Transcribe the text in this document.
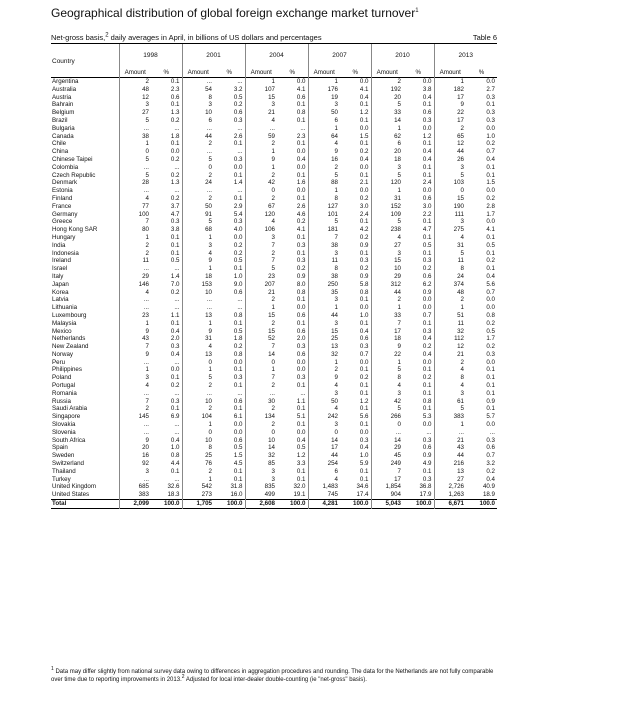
Geographical distribution of global foreign exchange market turnover$^1$
Net-gross basis,$^2$ daily averages in April, in billions of US dollars and percentages	Table 6
Country	1998		2001		2004		2007		2010		2013	
	Amount	%	Amount	%	Amount	%	Amount	%	Amount	%	Amount	%
Argentina	2	0.1	...	...	1	0.0	1	0.0	2	0.0	1	0.0
Australia	48	2.3	54	3.2	107	4.1	176	4.1	192	3.8	182	2.7
Austria	12	0.6	8	0.5	15	0.6	19	0.4	20	0.4	17	0.3
Bahrain	3	0.1	3	0.2	3	0.1	3	0.1	5	0.1	9	0.1
Belgium	27	1.3	10	0.6	21	0.8	50	1.2	33	0.6	22	0.3
Brazil	5	0.2	6	0.3	4	0.1	6	0.1	14	0.3	17	0.3
Bulgaria	...	...	...	...	...	...	1	0.0	1	0.0	2	0.0
Canada	38	1.8	44	2.6	59	2.3	64	1.5	62	1.2	65	1.0
Chile	1	0.1	2	0.1	2	0.1	4	0.1	6	0.1	12	0.2
China	0	0.0	...	...	1	0.0	9	0.2	20	0.4	44	0.7
Chinese Taipei	5	0.2	5	0.3	9	0.4	16	0.4	18	0.4	26	0.4
Colombia	...	...	0	0.0	1	0.0	2	0.0	3	0.1	3	0.1
Czech Republic	5	0.2	2	0.1	2	0.1	5	0.1	5	0.1	5	0.1
Denmark	28	1.3	24	1.4	42	1.6	88	2.1	120	2.4	103	1.5
Estonia	...	...	...	...	0	0.0	1	0.0	1	0.0	0	0.0
Finland	4	0.2	2	0.1	2	0.1	8	0.2	31	0.6	15	0.2
France	77	3.7	50	2.9	67	2.6	127	3.0	152	3.0	190	2.8
Germany	100	4.7	91	5.4	120	4.6	101	2.4	109	2.2	111	1.7
Greece	7	0.3	5	0.3	4	0.2	5	0.1	5	0.1	3	0.0
Hong Kong SAR	80	3.8	68	4.0	106	4.1	181	4.2	238	4.7	275	4.1
Hungary	1	0.1	1	0.0	3	0.1	7	0.2	4	0.1	4	0.1
India	2	0.1	3	0.2	7	0.3	38	0.9	27	0.5	31	0.5
Indonesia	2	0.1	4	0.2	2	0.1	3	0.1	3	0.1	5	0.1
Ireland	11	0.5	9	0.5	7	0.3	11	0.3	15	0.3	11	0.2
Israel	...	...	1	0.1	5	0.2	8	0.2	10	0.2	8	0.1
Italy	29	1.4	18	1.0	23	0.9	38	0.9	29	0.6	24	0.4
Japan	146	7.0	153	9.0	207	8.0	250	5.8	312	6.2	374	5.6
Korea	4	0.2	10	0.6	21	0.8	35	0.8	44	0.9	48	0.7
Latvia	...	...	...	...	2	0.1	3	0.1	2	0.0	2	0.0
Lithuania	...	...	...	...	1	0.0	1	0.0	1	0.0	1	0.0
Luxembourg	23	1.1	13	0.8	15	0.6	44	1.0	33	0.7	51	0.8
Malaysia	1	0.1	1	0.1	2	0.1	3	0.1	7	0.1	11	0.2
Mexico	9	0.4	9	0.5	15	0.6	15	0.4	17	0.3	32	0.5
Netherlands	43	2.0	31	1.8	52	2.0	25	0.6	18	0.4	112	1.7
New Zealand	7	0.3	4	0.2	7	0.3	13	0.3	9	0.2	12	0.2
Norway	9	0.4	13	0.8	14	0.6	32	0.7	22	0.4	21	0.3
Peru	...	...	0	0.0	0	0.0	1	0.0	1	0.0	2	0.0
Philippines	1	0.0	1	0.1	1	0.0	2	0.1	5	0.1	4	0.1
Poland	3	0.1	5	0.3	7	0.3	9	0.2	8	0.2	8	0.1
Portugal	4	0.2	2	0.1	2	0.1	4	0.1	4	0.1	4	0.1
Romania	...	...	...	...	...	...	3	0.1	3	0.1	3	0.1
Russia	7	0.3	10	0.6	30	1.1	50	1.2	42	0.8	61	0.9
Saudi Arabia	2	0.1	2	0.1	2	0.1	4	0.1	5	0.1	5	0.1
Singapore	145	6.9	104	6.1	134	5.1	242	5.6	266	5.3	383	5.7
Slovakia	...	...	1	0.0	2	0.1	3	0.1	0	0.0	1	0.0
Slovenia	...	...	0	0.0	0	0.0	0	0.0	...	...	...	...
South Africa	9	0.4	10	0.6	10	0.4	14	0.3	14	0.3	21	0.3
Spain	20	1.0	8	0.5	14	0.5	17	0.4	29	0.6	43	0.6
Sweden	16	0.8	25	1.5	32	1.2	44	1.0	45	0.9	44	0.7
Switzerland	92	4.4	76	4.5	85	3.3	254	5.9	249	4.9	216	3.2
Thailand	3	0.1	2	0.1	3	0.1	6	0.1	7	0.1	13	0.2
Turkey	...	...	1	0.1	3	0.1	4	0.1	17	0.3	27	0.4
United Kingdom	685	32.6	542	31.8	835	32.0	1,483	34.6	1,854	36.8	2,726	40.9
United States	383	18.3	273	16.0	499	19.1	745	17.4	904	17.9	1,263	18.9
Total	2,099	100.0	1,705	100.0	2,608	100.0	4,281	100.0	5,043	100.0	6,671	100.0
$^1$ Data may differ slightly from national survey data owing to differences in aggregation procedures and rounding. The data for the Netherlands are not fully comparable over time due to reporting improvements in 2013.$^2$ Adjusted for local inter-dealer double-counting (ie "net-gross" basis).
